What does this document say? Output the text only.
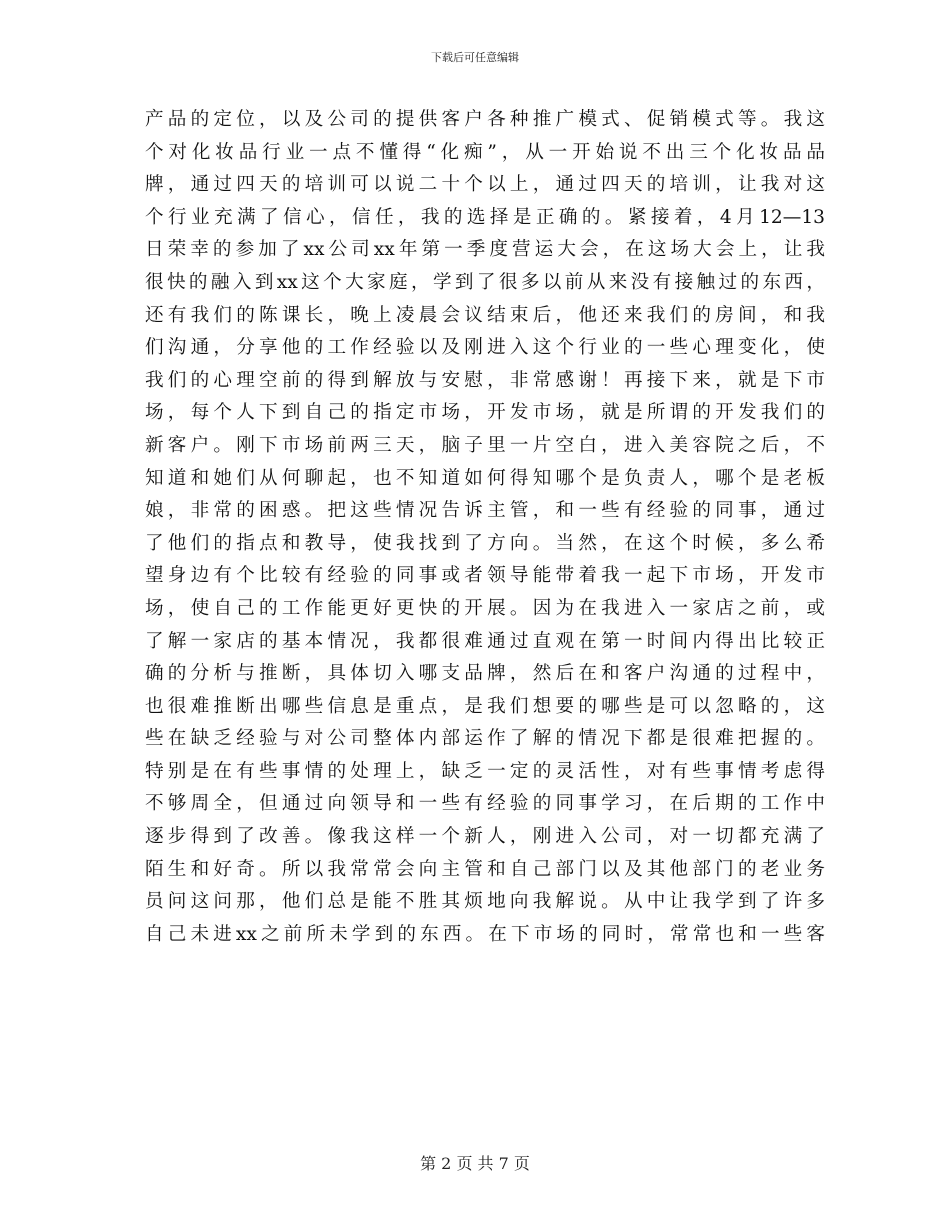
下载后可任意编辑
产品的定位，以及公司的提供客户各种推广模式、促销模式等。我这
个对化妆品行业一点不懂得“化痴”，从一开始说不出三个化妆品品
牌，通过四天的培训可以说二十个以上，通过四天的培训，让我对这
个行业充满了信心，信任，我的选择是正确的。紧接着，4月12—13
日荣幸的参加了xx公司xx年第一季度营运大会，在这场大会上，让我
很快的融入到xx这个大家庭，学到了很多以前从来没有接触过的东西，
还有我们的陈课长，晚上凌晨会议结束后，他还来我们的房间，和我
们沟通，分享他的工作经验以及刚进入这个行业的一些心理变化，使
我们的心理空前的得到解放与安慰，非常感谢！再接下来，就是下市
场，每个人下到自己的指定市场，开发市场，就是所谓的开发我们的
新客户。刚下市场前两三天，脑子里一片空白，进入美容院之后，不
知道和她们从何聊起，也不知道如何得知哪个是负责人，哪个是老板
娘，非常的困惑。把这些情况告诉主管，和一些有经验的同事，通过
了他们的指点和教导，使我找到了方向。当然，在这个时候，多么希
望身边有个比较有经验的同事或者领导能带着我一起下市场，开发市
场，使自己的工作能更好更快的开展。因为在我进入一家店之前，或
了解一家店的基本情况，我都很难通过直观在第一时间内得出比较正
确的分析与推断，具体切入哪支品牌，然后在和客户沟通的过程中，
也很难推断出哪些信息是重点，是我们想要的哪些是可以忽略的，这
些在缺乏经验与对公司整体内部运作了解的情况下都是很难把握的。
特别是在有些事情的处理上，缺乏一定的灵活性，对有些事情考虑得
不够周全，但通过向领导和一些有经验的同事学习，在后期的工作中
逐步得到了改善。像我这样一个新人，刚进入公司，对一切都充满了
陌生和好奇。所以我常常会向主管和自己部门以及其他部门的老业务
员问这问那，他们总是能不胜其烦地向我解说。从中让我学到了许多
自己未进xx之前所未学到的东西。在下市场的同时，常常也和一些客
第 2 页 共 7 页
